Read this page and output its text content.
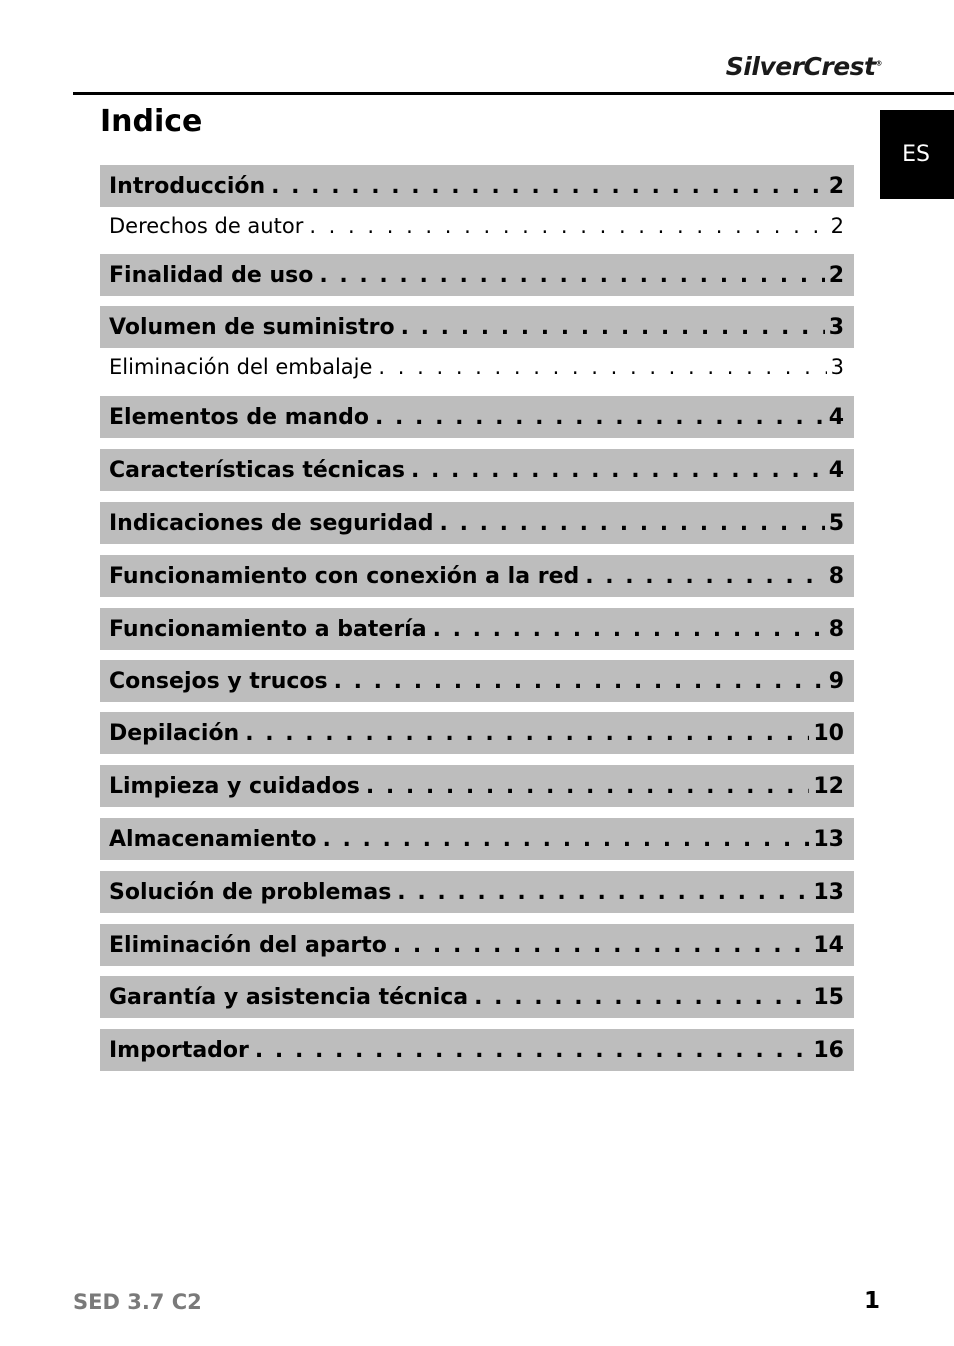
SilverCrest®
ES
Indice
Introducción . . .	2
Derechos de autor . . .	2
Finalidad de uso . . .	2
Volumen de suministro . . .	3
Eliminación del embalaje . . .	3
Elementos de mando . . .	4
Características técnicas . . .	4
Indicaciones de seguridad . . .	5
Funcionamiento con conexión a la red . . .	8
Funcionamiento a batería . . .	8
Consejos y trucos . . .	9
Depilación . . .	10
Limpieza y cuidados . . .	12
Almacenamiento . . .	13
Solución de problemas . . .	13
Eliminación del aparto . . .	14
Garantía y asistencia técnica . . .	15
Importador . . .	16
SED 3.7 C2	1
